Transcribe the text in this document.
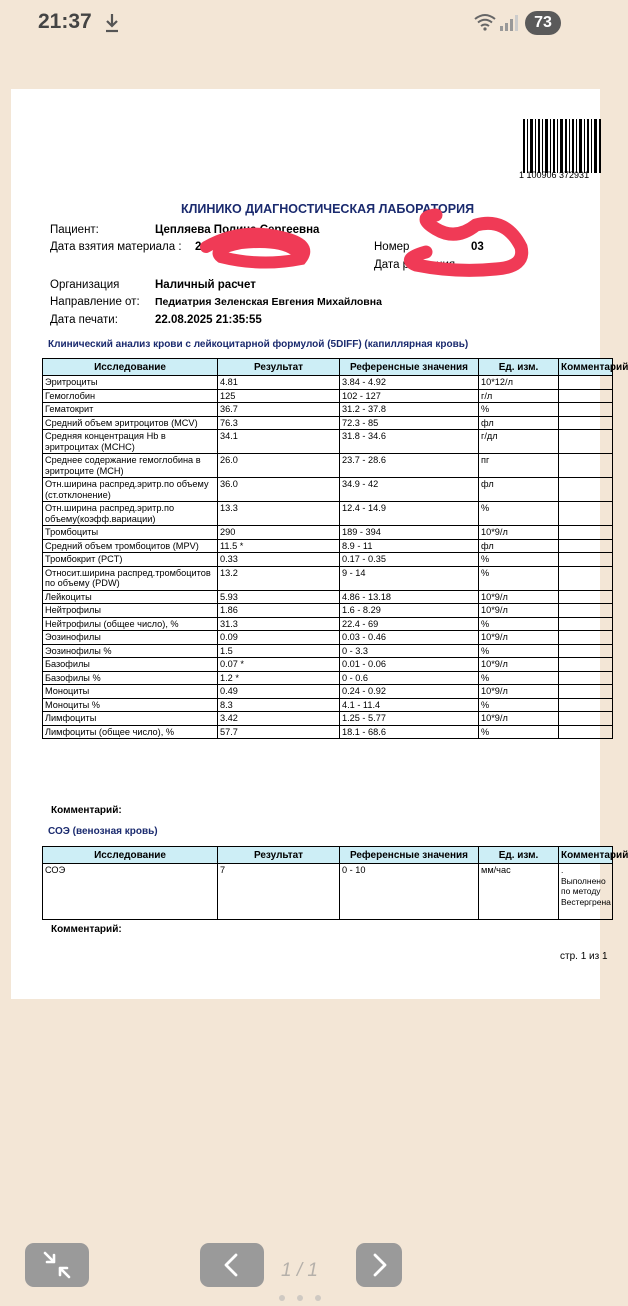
21:37	73
1 100906 372931
КЛИНИКО ДИАГНОСТИЧЕСКАЯ ЛАБОРАТОРИЯ
Пациент:	Цепляева Полина Сергеевна
Дата взятия материала : 2	Номер	03
Дата рождения
Организация	Наличный расчет
Направление от: Педиатрия Зеленская Евгения Михайловна
Дата печати:	22.08.2025 21:35:55
Клинический анализ крови с лейкоцитарной формулой (5DIFF) (капиллярная кровь)
Исследование	Результат	Референсные значения	Ед. изм.	Комментарий
Эритроциты	4.81	3.84 - 4.92	10*12/л	
Гемоглобин	125	102 - 127	г/л	
Гематокрит	36.7	31.2 - 37.8	%	
Средний объем эритроцитов (MCV)	76.3	72.3 - 85	фл	
Средняя концентрация Hb в эритроцитах (MCHC)	34.1	31.8 - 34.6	г/дл	
Среднее содержание гемоглобина в эритроците (MCH)	26.0	23.7 - 28.6	пг	
Отн.ширина распред.эритр.по объему (ст.отклонение)	36.0	34.9 - 42	фл	
Отн.ширина распред.эритр.по объему(коэфф.вариации)	13.3	12.4 - 14.9	%	
Тромбоциты	290	189 - 394	10*9/л	
Средний объем тромбоцитов (MPV)	11.5 *	8.9 - 11	фл	
Тромбокрит (PCT)	0.33	0.17 - 0.35	%	
Относит.ширина распред.тромбоцитов по объему (PDW)	13.2	9 - 14	%	
Лейкоциты	5.93	4.86 - 13.18	10*9/л	
Нейтрофилы	1.86	1.6 - 8.29	10*9/л	
Нейтрофилы (общее число), %	31.3	22.4 - 69	%	
Эозинофилы	0.09	0.03 - 0.46	10*9/л	
Эозинофилы %	1.5	0 - 3.3	%	
Базофилы	0.07 *	0.01 - 0.06	10*9/л	
Базофилы %	1.2 *	0 - 0.6	%	
Моноциты	0.49	0.24 - 0.92	10*9/л	
Моноциты %	8.3	4.1 - 11.4	%	
Лимфоциты	3.42	1.25 - 5.77	10*9/л	
Лимфоциты (общее число), %	57.7	18.1 - 68.6	%	
Комментарий:
СОЭ (венозная кровь)
Исследование	Результат	Референсные значения	Ед. изм.	Комментарий
СОЭ	7	0 - 10	мм/час	. Выполнено по методу Вестергрена
Комментарий:
стр. 1 из 1
1 / 1
